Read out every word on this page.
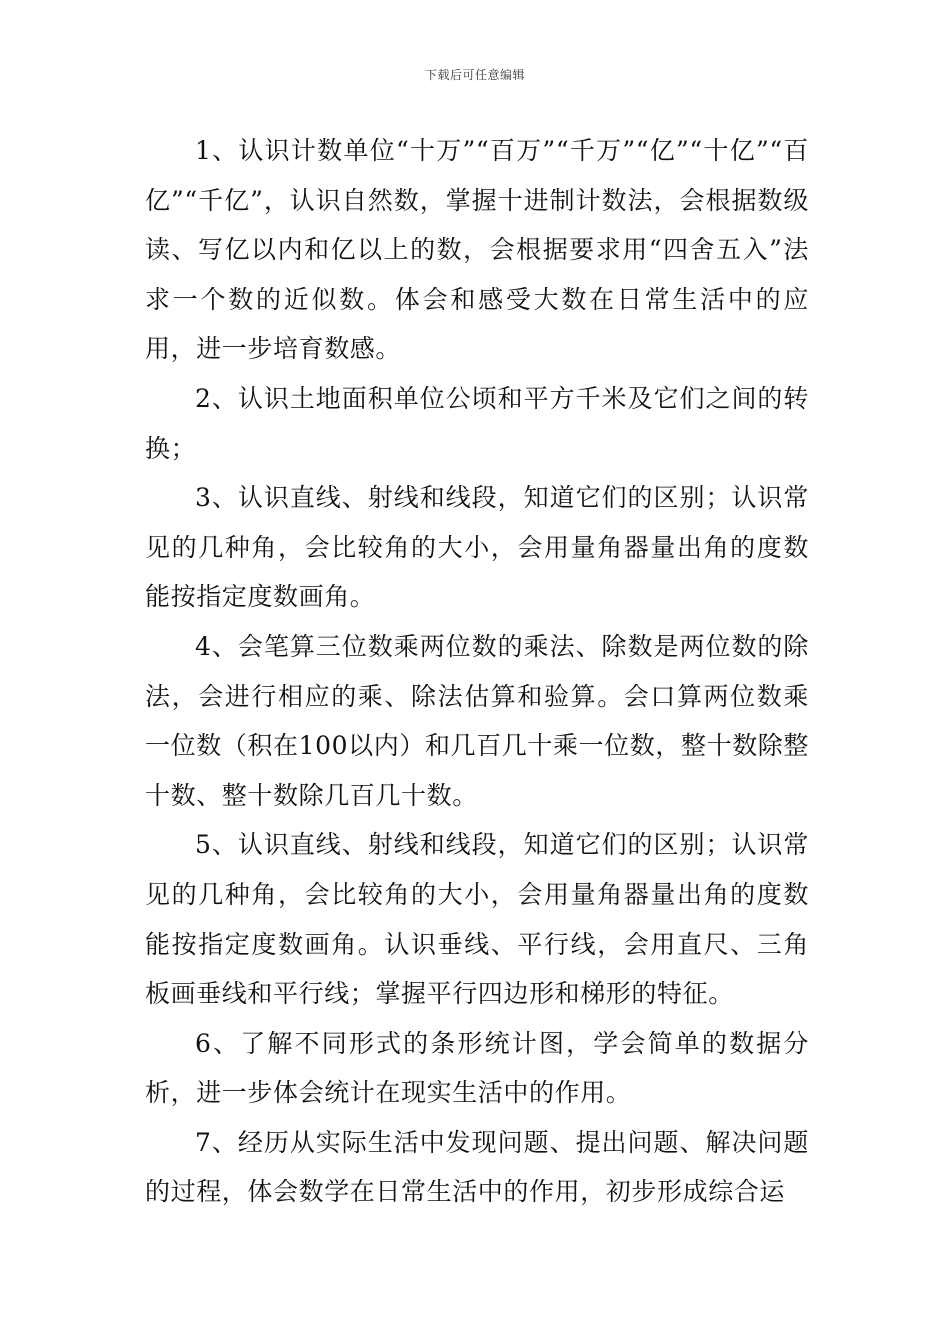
下载后可任意编辑

1、认识计数单位“十万”“百万”“千万”“亿”“十亿”“百亿”“千亿”，认识自然数，掌握十进制计数法，会根据数级读、写亿以内和亿以上的数，会根据要求用“四舍五入”法求一个数的近似数。体会和感受大数在日常生活中的应用，进一步培育数感。

2、认识土地面积单位公顷和平方千米及它们之间的转换；

3、认识直线、射线和线段，知道它们的区别；认识常见的几种角，会比较角的大小，会用量角器量出角的度数能按指定度数画角。

4、会笔算三位数乘两位数的乘法、除数是两位数的除法，会进行相应的乘、除法估算和验算。会口算两位数乘一位数（积在100以内）和几百几十乘一位数，整十数除整十数、整十数除几百几十数。

5、认识直线、射线和线段，知道它们的区别；认识常见的几种角，会比较角的大小，会用量角器量出角的度数能按指定度数画角。认识垂线、平行线，会用直尺、三角板画垂线和平行线；掌握平行四边形和梯形的特征。

6、了解不同形式的条形统计图，学会简单的数据分析，进一步体会统计在现实生活中的作用。

7、经历从实际生活中发现问题、提出问题、解决问题的过程，体会数学在日常生活中的作用，初步形成综合运
